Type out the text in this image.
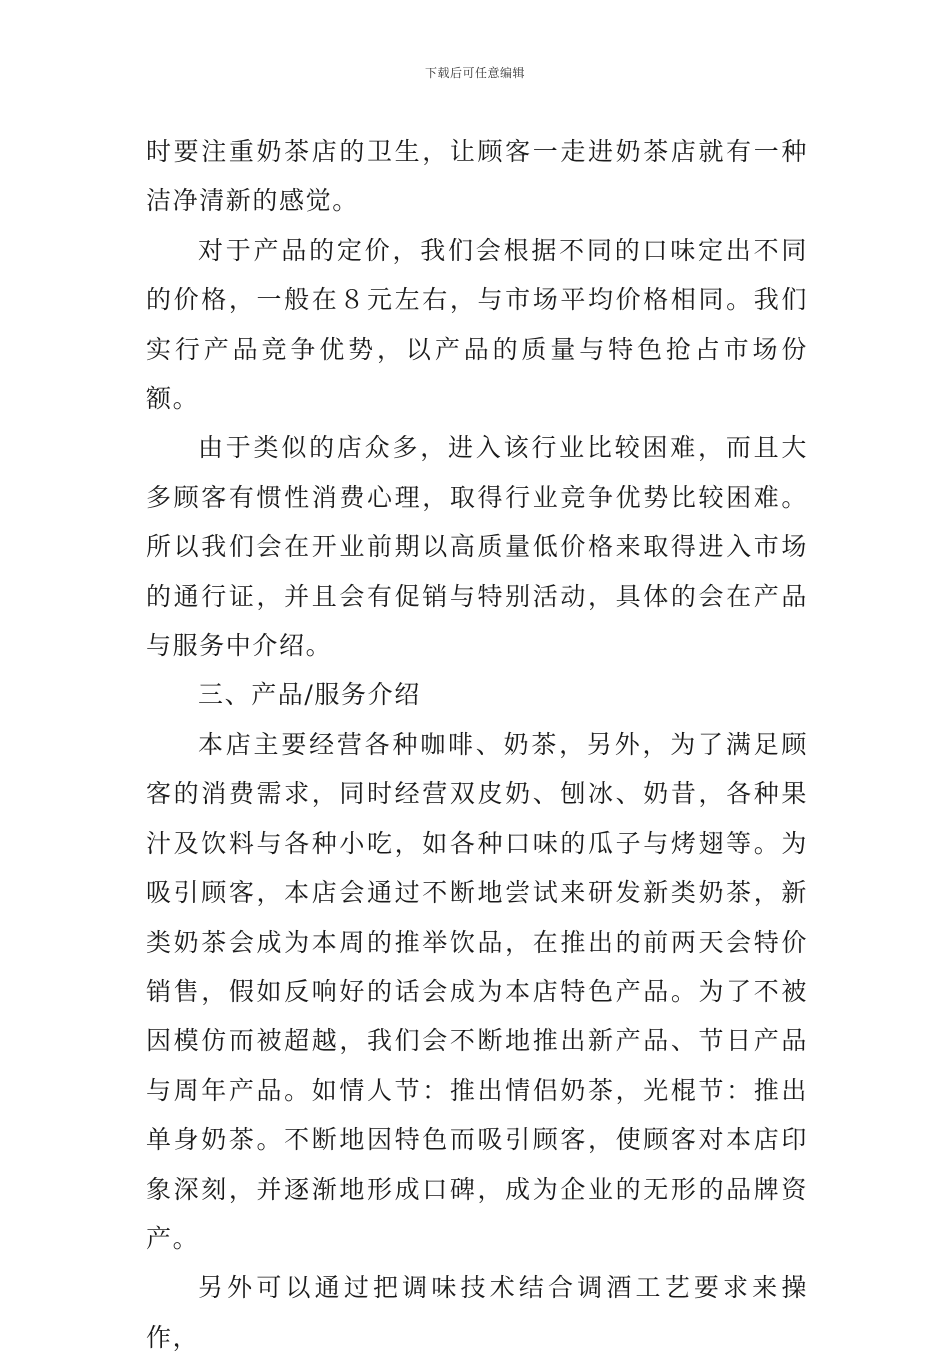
下载后可任意编辑

时要注重奶茶店的卫生，让顾客一走进奶茶店就有一种洁净清新的感觉。

对于产品的定价，我们会根据不同的口味定出不同的价格，一般在８元左右，与市场平均价格相同。我们实行产品竞争优势，以产品的质量与特色抢占市场份额。

由于类似的店众多，进入该行业比较困难，而且大多顾客有惯性消费心理，取得行业竞争优势比较困难。所以我们会在开业前期以高质量低价格来取得进入市场的通行证，并且会有促销与特别活动，具体的会在产品与服务中介绍。

三、产品/服务介绍

本店主要经营各种咖啡、奶茶，另外，为了满足顾客的消费需求，同时经营双皮奶、刨冰、奶昔，各种果汁及饮料与各种小吃，如各种口味的瓜子与烤翅等。为吸引顾客，本店会通过不断地尝试来研发新类奶茶，新类奶茶会成为本周的推举饮品，在推出的前两天会特价销售，假如反响好的话会成为本店特色产品。为了不被因模仿而被超越，我们会不断地推出新产品、节日产品与周年产品。如情人节：推出情侣奶茶，光棍节：推出单身奶茶。不断地因特色而吸引顾客，使顾客对本店印象深刻，并逐渐地形成口碑，成为企业的无形的品牌资产。

另外可以通过把调味技术结合调酒工艺要求来操作，
